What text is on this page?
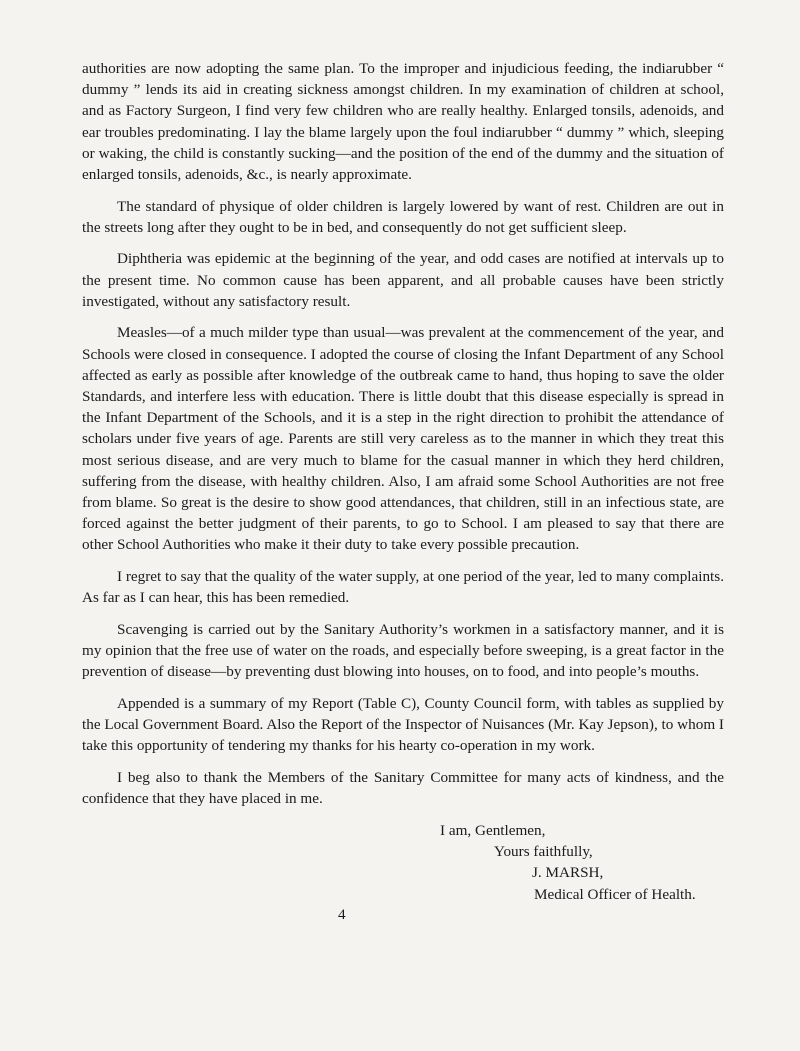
authorities are now adopting the same plan. To the improper and injudicious feeding, the indiarubber “ dummy ” lends its aid in creating sickness amongst children. In my examination of children at school, and as Factory Surgeon, I find very few children who are really healthy. Enlarged tonsils, adenoids, and ear troubles predominating. I lay the blame largely upon the foul indiarubber “ dummy ” which, sleeping or waking, the child is constantly sucking—and the position of the end of the dummy and the situation of enlarged tonsils, adenoids, &c., is nearly approximate.

The standard of physique of older children is largely lowered by want of rest. Children are out in the streets long after they ought to be in bed, and consequently do not get sufficient sleep.

Diphtheria was epidemic at the beginning of the year, and odd cases are notified at intervals up to the present time. No common cause has been apparent, and all probable causes have been strictly investigated, without any satisfactory result.

Measles—of a much milder type than usual—was prevalent at the commencement of the year, and Schools were closed in consequence. I adopted the course of closing the Infant Department of any School affected as early as possible after knowledge of the outbreak came to hand, thus hoping to save the older Standards, and interfere less with education. There is little doubt that this disease especially is spread in the Infant Department of the Schools, and it is a step in the right direction to prohibit the attendance of scholars under five years of age. Parents are still very careless as to the manner in which they treat this most serious disease, and are very much to blame for the casual manner in which they herd children, suffering from the disease, with healthy children. Also, I am afraid some School Authorities are not free from blame. So great is the desire to show good attendances, that children, still in an infectious state, are forced against the better judgment of their parents, to go to School. I am pleased to say that there are other School Authorities who make it their duty to take every possible precaution.

I regret to say that the quality of the water supply, at one period of the year, led to many complaints. As far as I can hear, this has been remedied.

Scavenging is carried out by the Sanitary Authority’s workmen in a satisfactory manner, and it is my opinion that the free use of water on the roads, and especially before sweeping, is a great factor in the prevention of disease—by preventing dust blowing into houses, on to food, and into people’s mouths.

Appended is a summary of my Report (Table C), County Council form, with tables as supplied by the Local Government Board. Also the Report of the Inspector of Nuisances (Mr. Kay Jepson), to whom I take this opportunity of tendering my thanks for his hearty co-operation in my work.

I beg also to thank the Members of the Sanitary Committee for many acts of kindness, and the confidence that they have placed in me.

I am, Gentlemen,
Yours faithfully,
J. MARSH,
Medical Officer of Health.
4
